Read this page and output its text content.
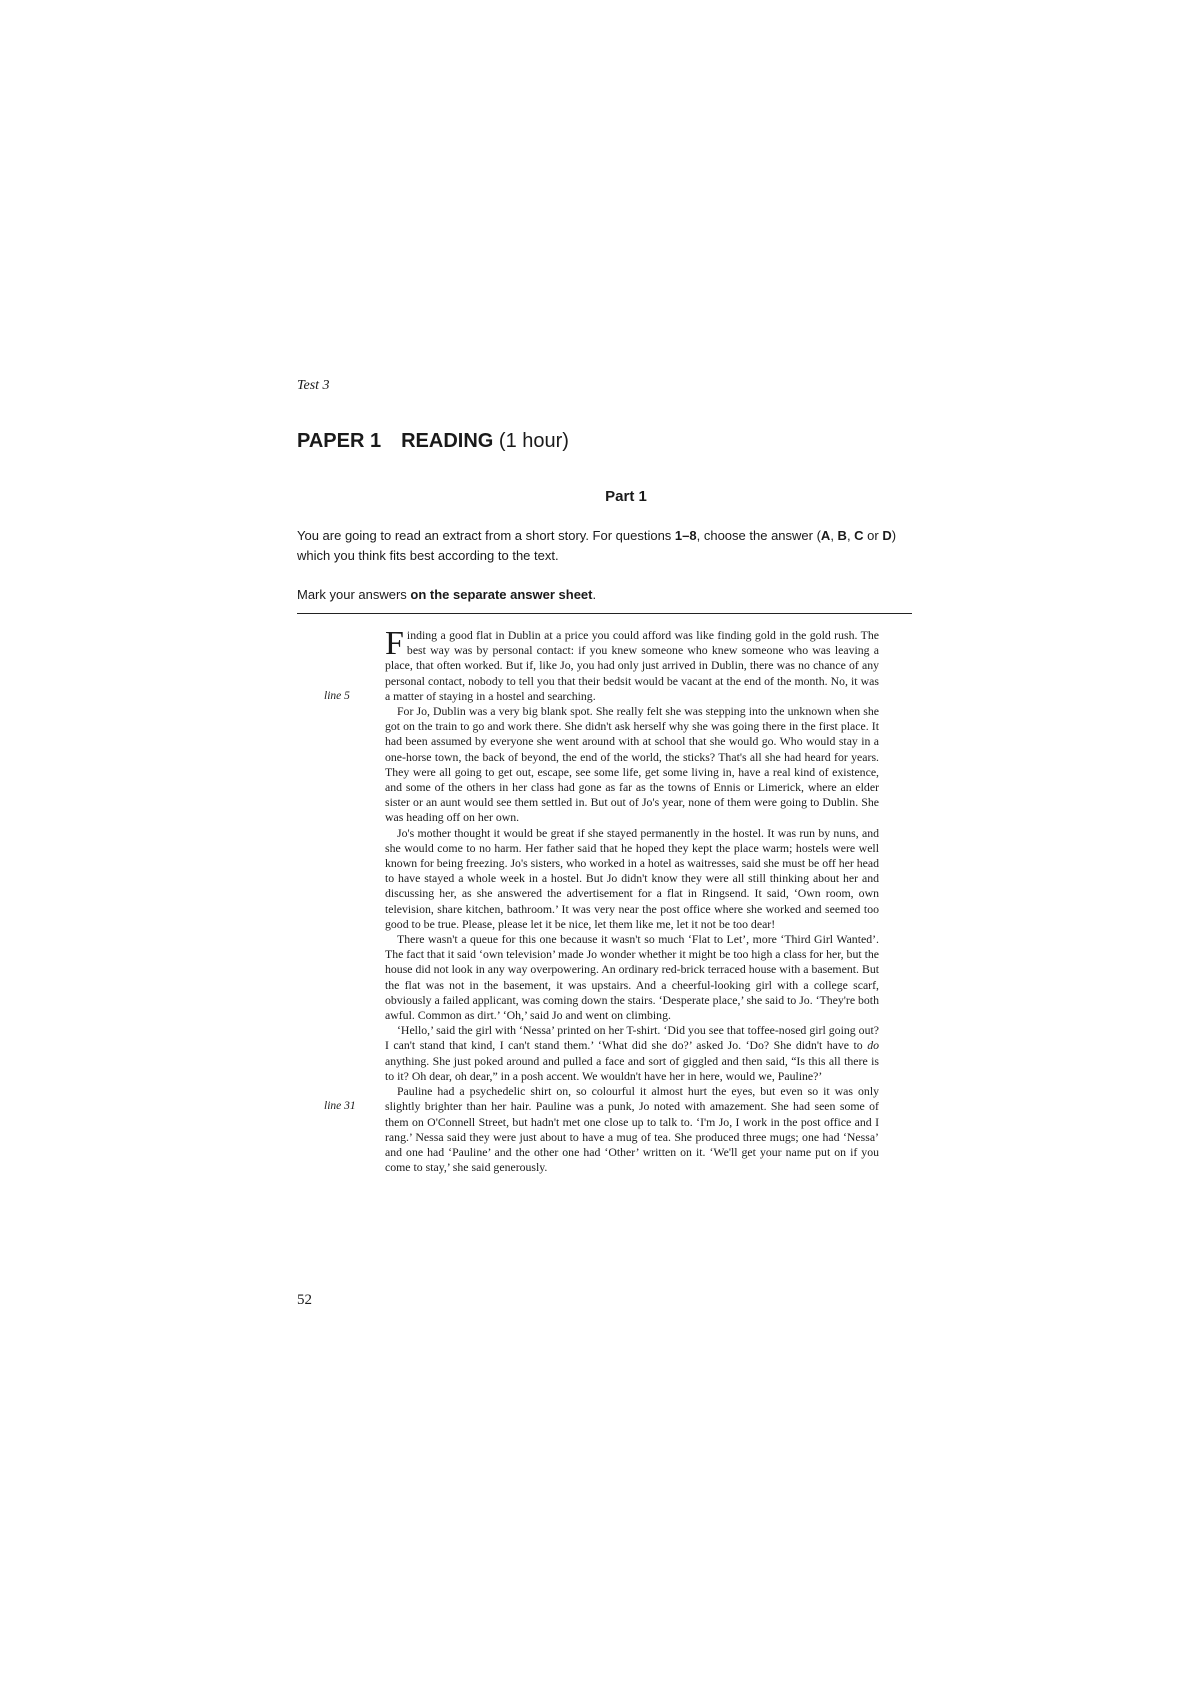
Test 3
PAPER 1 READING (1 hour)
Part 1

You are going to read an extract from a short story. For questions 1–8, choose the answer (A, B, C or D) which you think fits best according to the text.

Mark your answers on the separate answer sheet.

line 5
line 31

Finding a good flat in Dublin at a price you could afford was like finding gold in the gold rush. The best way was by personal contact: if you knew someone who knew someone who was leaving a place, that often worked. But if, like Jo, you had only just arrived in Dublin, there was no chance of any personal contact, nobody to tell you that their bedsit would be vacant at the end of the month. No, it was a matter of staying in a hostel and searching.

For Jo, Dublin was a very big blank spot. She really felt she was stepping into the unknown when she got on the train to go and work there. She didn't ask herself why she was going there in the first place. It had been assumed by everyone she went around with at school that she would go. Who would stay in a one-horse town, the back of beyond, the end of the world, the sticks? That's all she had heard for years. They were all going to get out, escape, see some life, get some living in, have a real kind of existence, and some of the others in her class had gone as far as the towns of Ennis or Limerick, where an elder sister or an aunt would see them settled in. But out of Jo's year, none of them were going to Dublin. She was heading off on her own.

Jo's mother thought it would be great if she stayed permanently in the hostel. It was run by nuns, and she would come to no harm. Her father said that he hoped they kept the place warm; hostels were well known for being freezing. Jo's sisters, who worked in a hotel as waitresses, said she must be off her head to have stayed a whole week in a hostel. But Jo didn't know they were all still thinking about her and discussing her, as she answered the advertisement for a flat in Ringsend. It said, ‘Own room, own television, share kitchen, bathroom.’ It was very near the post office where she worked and seemed too good to be true. Please, please let it be nice, let them like me, let it not be too dear!

There wasn't a queue for this one because it wasn't so much ‘Flat to Let’, more ‘Third Girl Wanted’. The fact that it said ‘own television’ made Jo wonder whether it might be too high a class for her, but the house did not look in any way overpowering. An ordinary red-brick terraced house with a basement. But the flat was not in the basement, it was upstairs. And a cheerful-looking girl with a college scarf, obviously a failed applicant, was coming down the stairs. ‘Desperate place,’ she said to Jo. ‘They're both awful. Common as dirt.’ ‘Oh,’ said Jo and went on climbing.

‘Hello,’ said the girl with ‘Nessa’ printed on her T-shirt. ‘Did you see that toffee-nosed girl going out? I can't stand that kind, I can't stand them.’ ‘What did she do?’ asked Jo. ‘Do? She didn't have to do anything. She just poked around and pulled a face and sort of giggled and then said, “Is this all there is to it? Oh dear, oh dear,” in a posh accent. We wouldn't have her in here, would we, Pauline?’

Pauline had a psychedelic shirt on, so colourful it almost hurt the eyes, but even so it was only slightly brighter than her hair. Pauline was a punk, Jo noted with amazement. She had seen some of them on O'Connell Street, but hadn't met one close up to talk to. ‘I'm Jo, I work in the post office and I rang.’ Nessa said they were just about to have a mug of tea. She produced three mugs; one had ‘Nessa’ and one had ‘Pauline’ and the other one had ‘Other’ written on it. ‘We'll get your name put on if you come to stay,’ she said generously.

52
